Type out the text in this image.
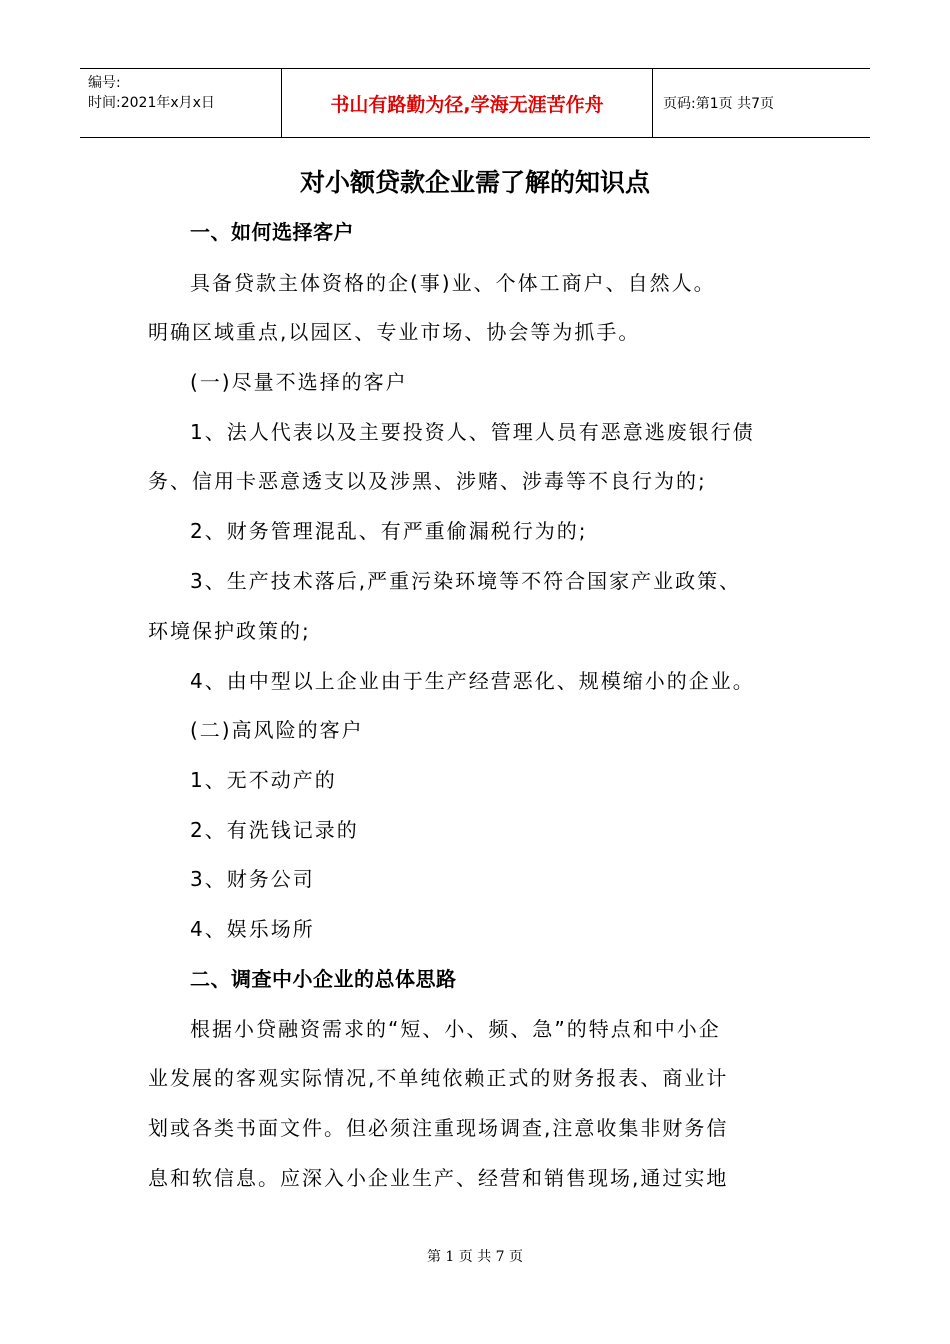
编号:
时间:2021年x月x日	书山有路勤为径,学海无涯苦作舟	页码:第1页 共7页
对小额贷款企业需了解的知识点
一、如何选择客户
具备贷款主体资格的企(事)业、个体工商户、自然人。
明确区域重点,以园区、专业市场、协会等为抓手。
(一)尽量不选择的客户
1、法人代表以及主要投资人、管理人员有恶意逃废银行债
务、信用卡恶意透支以及涉黑、涉赌、涉毒等不良行为的;
2、财务管理混乱、有严重偷漏税行为的;
3、生产技术落后,严重污染环境等不符合国家产业政策、
环境保护政策的;
4、由中型以上企业由于生产经营恶化、规模缩小的企业。
(二)高风险的客户
1、无不动产的
2、有洗钱记录的
3、财务公司
4、娱乐场所
二、调查中小企业的总体思路
根据小贷融资需求的“短、小、频、急”的特点和中小企
业发展的客观实际情况,不单纯依赖正式的财务报表、商业计
划或各类书面文件。但必须注重现场调查,注意收集非财务信
息和软信息。应深入小企业生产、经营和销售现场,通过实地
第 1 页 共 7 页
